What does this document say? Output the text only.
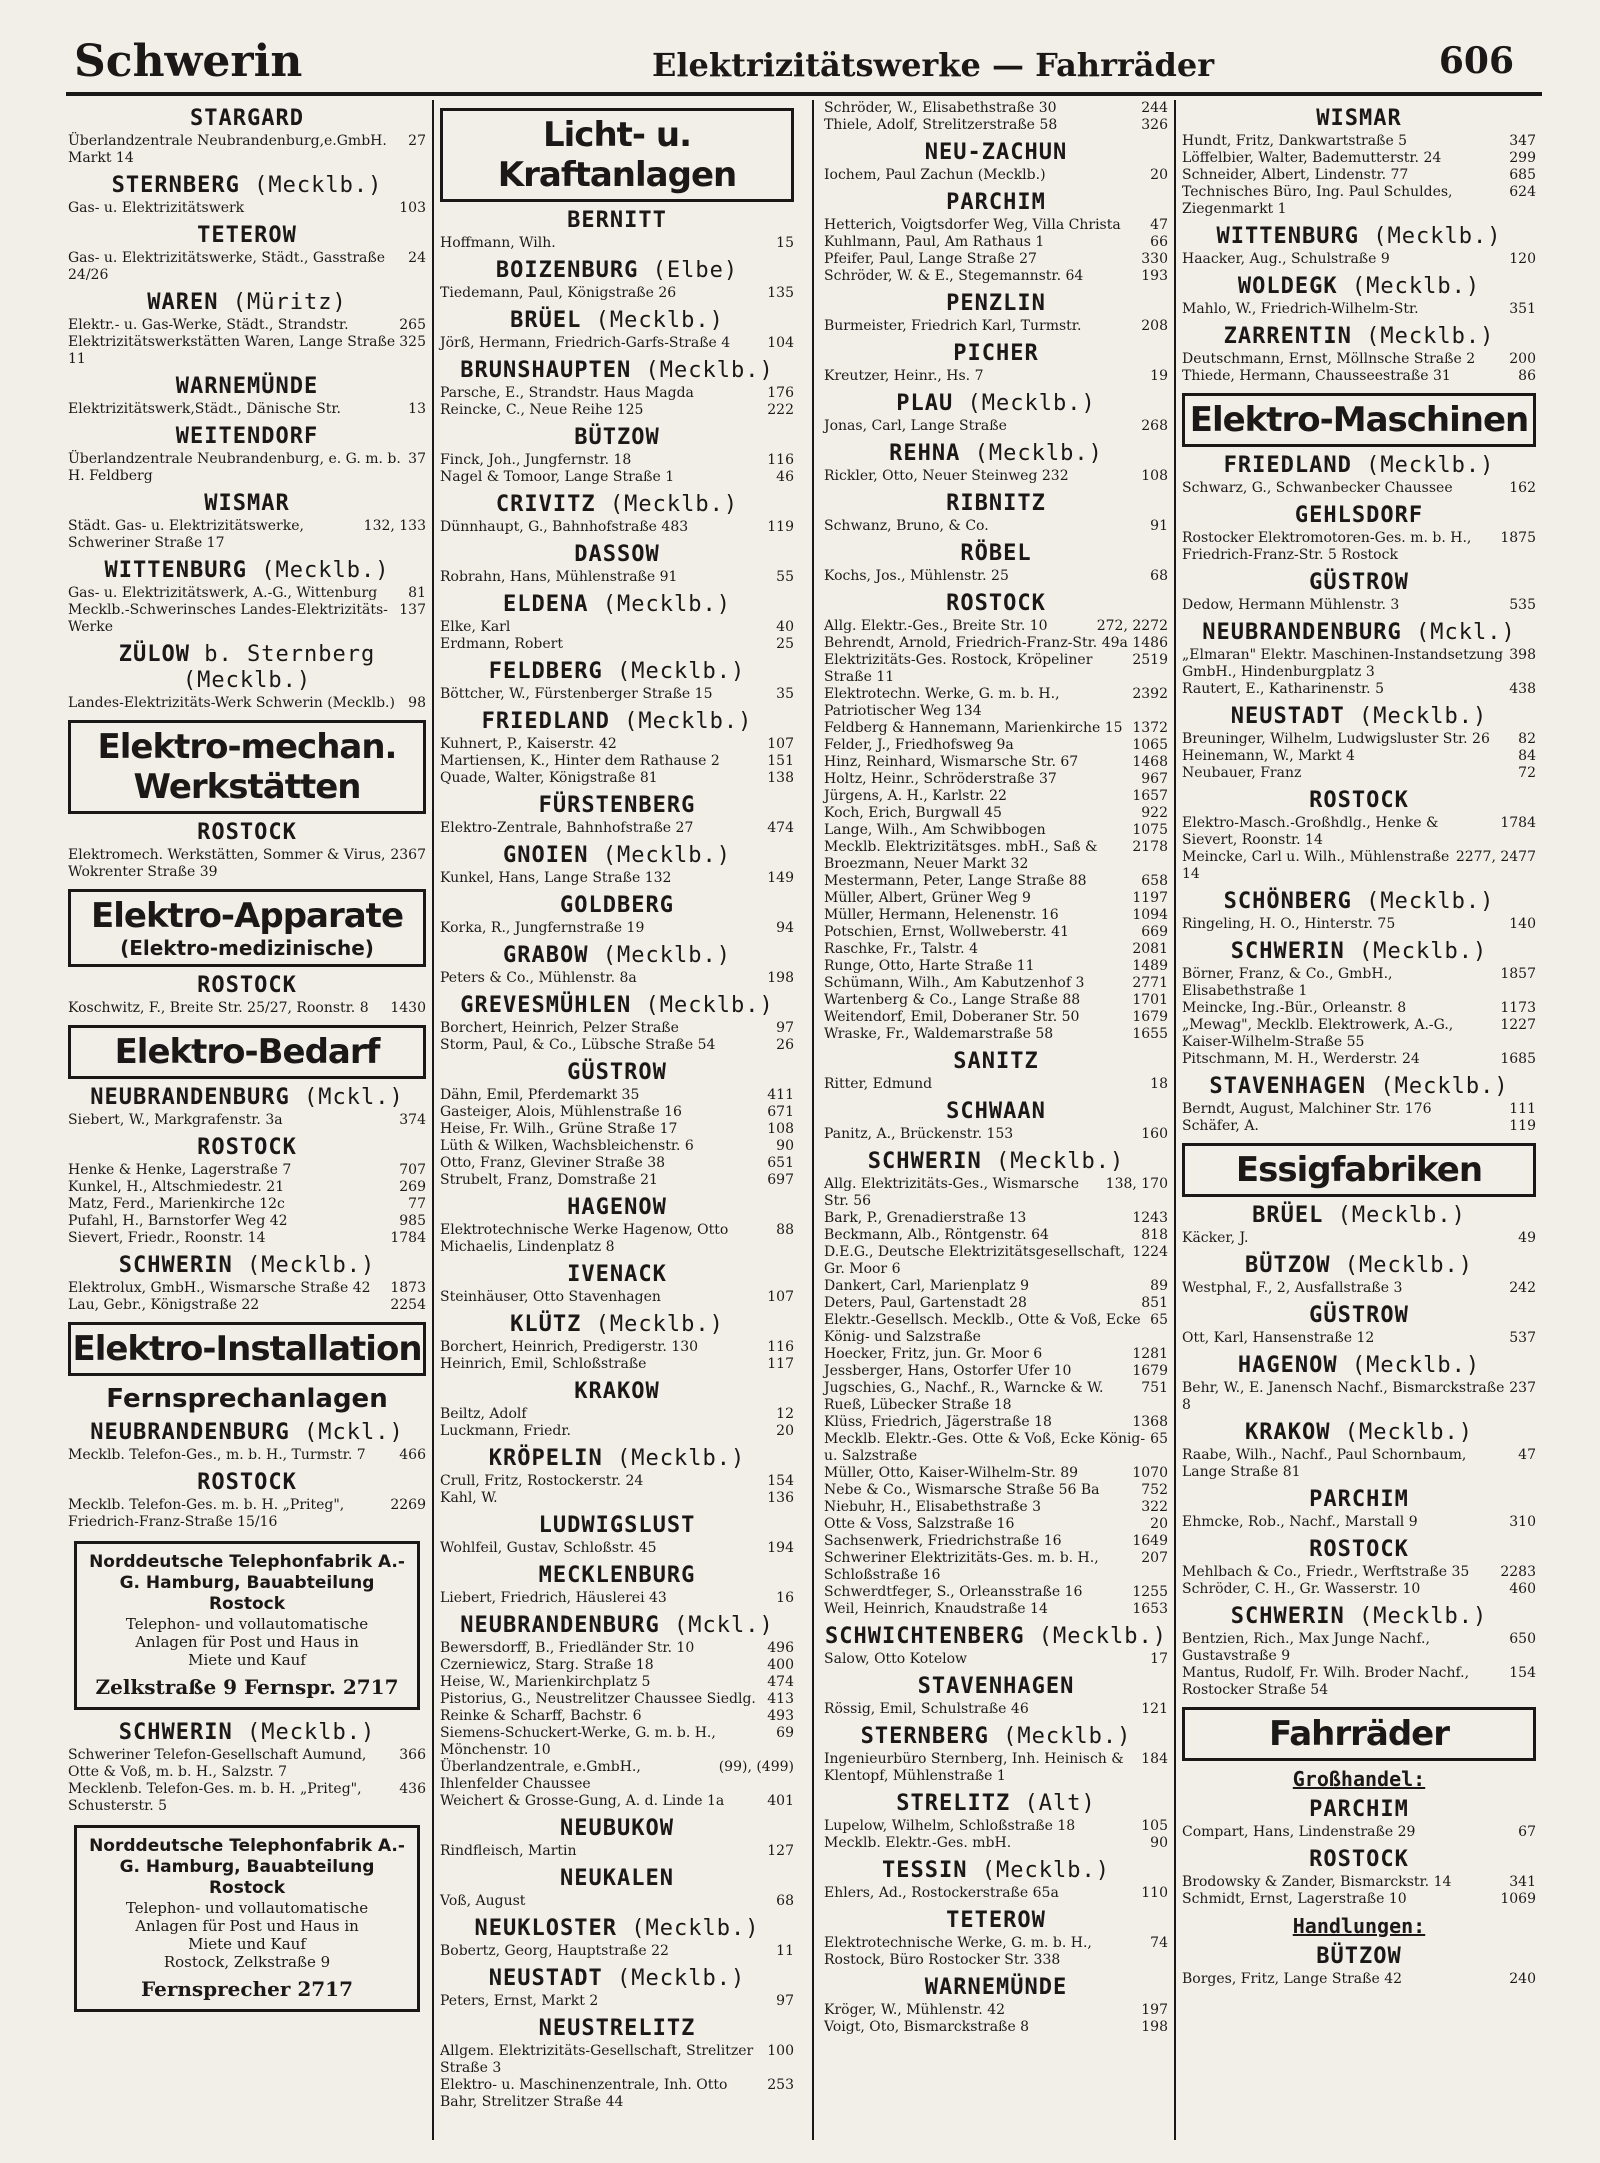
Schwerin	Elektrizitätswerke — Fahrräder	606
STARGARD
27
Überlandzentrale Neubrandenburg,e.GmbH. Markt 14
STERNBERG (Mecklb.)
103
Gas- u. Elektrizitätswerk
TETEROW
24
Gas- u. Elektrizitätswerke, Städt., Gasstraße 24/26
WAREN (Müritz)
265
Elektr.- u. Gas-Werke, Städt., Strandstr.
325
Elektrizitätswerkstätten Waren, Lange Straße 11
WARNEMÜNDE
13
Elektrizitätswerk,Städt., Dänische Str.
WEITENDORF
37
Überlandzentrale Neubrandenburg, e. G. m. b. H. Feldberg
WISMAR
132, 133
Städt. Gas- u. Elektrizitätswerke, Schweriner Straße 17
WITTENBURG (Mecklb.)
81
Gas- u. Elektrizitätswerk, A.-G., Wittenburg
137
Mecklb.-Schwerinsches Landes-Elektrizitäts-Werke
ZÜLOW b. Sternberg (Mecklb.)
98
Landes-Elektrizitäts-Werk Schwerin (Mecklb.)
Elektro-mechan. Werkstätten
ROSTOCK
2367
Elektromech. Werkstätten, Sommer & Virus, Wokrenter Straße 39
Elektro-Apparate
(Elektro-medizinische)
ROSTOCK
1430
Koschwitz, F., Breite Str. 25/27, Roonstr. 8
Elektro-Bedarf
NEUBRANDENBURG (Mckl.)
374
Siebert, W., Markgrafenstr. 3a
ROSTOCK
707
Henke & Henke, Lagerstraße 7
269
Kunkel, H., Altschmiedestr. 21
77
Matz, Ferd., Marienkirche 12c
985
Pufahl, H., Barnstorfer Weg 42
1784
Sievert, Friedr., Roonstr. 14
SCHWERIN (Mecklb.)
1873
Elektrolux, GmbH., Wismarsche Straße 42
2254
Lau, Gebr., Königstraße 22
Elektro-Installation
Fernsprechanlagen
NEUBRANDENBURG (Mckl.)
466
Mecklb. Telefon-Ges., m. b. H., Turmstr. 7
ROSTOCK
2269
Mecklb. Telefon-Ges. m. b. H. „Priteg", Friedrich-Franz-Straße 15/16
Norddeutsche Telephonfabrik A.-G. Hamburg, Bauabteilung Rostock
Telephon- und vollautomatische
Anlagen für Post und Haus in
Miete und Kauf
Zelkstraße 9 Fernspr. 2717
SCHWERIN (Mecklb.)
366
Schweriner Telefon-Gesellschaft Aumund, Otte & Voß, m. b. H., Salzstr. 7
436
Mecklenb. Telefon-Ges. m. b. H. „Priteg", Schusterstr. 5
Norddeutsche Telephonfabrik A.-G. Hamburg, Bauabteilung Rostock
Telephon- und vollautomatische
Anlagen für Post und Haus in
Miete und Kauf
Rostock, Zelkstraße 9
Fernsprecher 2717
Licht- u. Kraftanlagen
BERNITT
15
Hoffmann, Wilh.
BOIZENBURG (Elbe)
135
Tiedemann, Paul, Königstraße 26
BRÜEL (Mecklb.)
104
Jörß, Hermann, Friedrich-Garfs-Straße 4
BRUNSHAUPTEN (Mecklb.)
176
Parsche, E., Strandstr. Haus Magda
222
Reincke, C., Neue Reihe 125
BÜTZOW
116
Finck, Joh., Jungfernstr. 18
46
Nagel & Tomoor, Lange Straße 1
CRIVITZ (Mecklb.)
119
Dünnhaupt, G., Bahnhofstraße 483
DASSOW
55
Robrahn, Hans, Mühlenstraße 91
ELDENA (Mecklb.)
40
Elke, Karl
25
Erdmann, Robert
FELDBERG (Mecklb.)
35
Böttcher, W., Fürstenberger Straße 15
FRIEDLAND (Mecklb.)
107
Kuhnert, P., Kaiserstr. 42
151
Martiensen, K., Hinter dem Rathause 2
138
Quade, Walter, Königstraße 81
FÜRSTENBERG
474
Elektro-Zentrale, Bahnhofstraße 27
GNOIEN (Mecklb.)
149
Kunkel, Hans, Lange Straße 132
GOLDBERG
94
Korka, R., Jungfernstraße 19
GRABOW (Mecklb.)
198
Peters & Co., Mühlenstr. 8a
GREVESMÜHLEN (Mecklb.)
97
Borchert, Heinrich, Pelzer Straße
26
Storm, Paul, & Co., Lübsche Straße 54
GÜSTROW
411
Dähn, Emil, Pferdemarkt 35
671
Gasteiger, Alois, Mühlenstraße 16
108
Heise, Fr. Wilh., Grüne Straße 17
90
Lüth & Wilken, Wachsbleichenstr. 6
651
Otto, Franz, Gleviner Straße 38
697
Strubelt, Franz, Domstraße 21
HAGENOW
88
Elektrotechnische Werke Hagenow, Otto Michaelis, Lindenplatz 8
IVENACK
107
Steinhäuser, Otto Stavenhagen
KLÜTZ (Mecklb.)
116
Borchert, Heinrich, Predigerstr. 130
117
Heinrich, Emil, Schloßstraße
KRAKOW
12
Beiltz, Adolf
20
Luckmann, Friedr.
KRÖPELIN (Mecklb.)
154
Crull, Fritz, Rostockerstr. 24
136
Kahl, W.
LUDWIGSLUST
194
Wohlfeil, Gustav, Schloßstr. 45
MECKLENBURG
16
Liebert, Friedrich, Häuslerei 43
NEUBRANDENBURG (Mckl.)
496
Bewersdorff, B., Friedländer Str. 10
400
Czerniewicz, Starg. Straße 18
474
Heise, W., Marienkirchplatz 5
413
Pistorius, G., Neustrelitzer Chaussee Siedlg.
493
Reinke & Scharff, Bachstr. 6
69
Siemens-Schuckert-Werke, G. m. b. H., Mönchenstr. 10
(99), (499)
Überlandzentrale, e.GmbH., Ihlenfelder Chaussee
401
Weichert & Grosse-Gung, A. d. Linde 1a
NEUBUKOW
127
Rindfleisch, Martin
NEUKALEN
68
Voß, August
NEUKLOSTER (Mecklb.)
11
Bobertz, Georg, Hauptstraße 22
NEUSTADT (Mecklb.)
97
Peters, Ernst, Markt 2
NEUSTRELITZ
100
Allgem. Elektrizitäts-Gesellschaft, Strelitzer Straße 3
253
Elektro- u. Maschinenzentrale, Inh. Otto Bahr, Strelitzer Straße 44
244
Schröder, W., Elisabethstraße 30
326
Thiele, Adolf, Strelitzerstraße 58
NEU-ZACHUN
20
Iochem, Paul Zachun (Mecklb.)
PARCHIM
47
Hetterich, Voigtsdorfer Weg, Villa Christa
66
Kuhlmann, Paul, Am Rathaus 1
330
Pfeifer, Paul, Lange Straße 27
193
Schröder, W. & E., Stegemannstr. 64
PENZLIN
208
Burmeister, Friedrich Karl, Turmstr.
PICHER
19
Kreutzer, Heinr., Hs. 7
PLAU (Mecklb.)
268
Jonas, Carl, Lange Straße
REHNA (Mecklb.)
108
Rickler, Otto, Neuer Steinweg 232
RIBNITZ
91
Schwanz, Bruno, & Co.
RÖBEL
68
Kochs, Jos., Mühlenstr. 25
ROSTOCK
272, 2272
Allg. Elektr.-Ges., Breite Str. 10
1486
Behrendt, Arnold, Friedrich-Franz-Str. 49a
2519
Elektrizitäts-Ges. Rostock, Kröpeliner Straße 11
2392
Elektrotechn. Werke, G. m. b. H., Patriotischer Weg 134
1372
Feldberg & Hannemann, Marienkirche 15
1065
Felder, J., Friedhofsweg 9a
1468
Hinz, Reinhard, Wismarsche Str. 67
967
Holtz, Heinr., Schröderstraße 37
1657
Jürgens, A. H., Karlstr. 22
922
Koch, Erich, Burgwall 45
1075
Lange, Wilh., Am Schwibbogen
2178
Mecklb. Elektrizitätsges. mbH., Saß & Broezmann, Neuer Markt 32
658
Mestermann, Peter, Lange Straße 88
1197
Müller, Albert, Grüner Weg 9
1094
Müller, Hermann, Helenenstr. 16
669
Potschien, Ernst, Wollweberstr. 41
2081
Raschke, Fr., Talstr. 4
1489
Runge, Otto, Harte Straße 11
2771
Schümann, Wilh., Am Kabutzenhof 3
1701
Wartenberg & Co., Lange Straße 88
1679
Weitendorf, Emil, Doberaner Str. 50
1655
Wraske, Fr., Waldemarstraße 58
SANITZ
18
Ritter, Edmund
SCHWAAN
160
Panitz, A., Brückenstr. 153
SCHWERIN (Mecklb.)
138, 170
Allg. Elektrizitäts-Ges., Wismarsche Str. 56
1243
Bark, P., Grenadierstraße 13
818
Beckmann, Alb., Röntgenstr. 64
1224
D.E.G., Deutsche Elektrizitätsgesellschaft, Gr. Moor 6
89
Dankert, Carl, Marienplatz 9
851
Deters, Paul, Gartenstadt 28
65
Elektr.-Gesellsch. Mecklb., Otte & Voß, Ecke König- und Salzstraße
1281
Hoecker, Fritz, jun. Gr. Moor 6
1679
Jessberger, Hans, Ostorfer Ufer 10
751
Jugschies, G., Nachf., R., Warncke & W. Rueß, Lübecker Straße 18
1368
Klüss, Friedrich, Jägerstraße 18
65
Mecklb. Elektr.-Ges. Otte & Voß, Ecke König- u. Salzstraße
1070
Müller, Otto, Kaiser-Wilhelm-Str. 89
752
Nebe & Co., Wismarsche Straße 56 Ba
322
Niebuhr, H., Elisabethstraße 3
20
Otte & Voss, Salzstraße 16
1649
Sachsenwerk, Friedrichstraße 16
207
Schweriner Elektrizitäts-Ges. m. b. H., Schloßstraße 16
1255
Schwerdtfeger, S., Orleansstraße 16
1653
Weil, Heinrich, Knaudstraße 14
SCHWICHTENBERG (Mecklb.)
17
Salow, Otto Kotelow
STAVENHAGEN
121
Rössig, Emil, Schulstraße 46
STERNBERG (Mecklb.)
184
Ingenieurbüro Sternberg, Inh. Heinisch & Klentopf, Mühlenstraße 1
STRELITZ (Alt)
105
Lupelow, Wilhelm, Schloßstraße 18
90
Mecklb. Elektr.-Ges. mbH.
TESSIN (Mecklb.)
110
Ehlers, Ad., Rostockerstraße 65a
TETEROW
74
Elektrotechnische Werke, G. m. b. H., Rostock, Büro Rostocker Str. 338
WARNEMÜNDE
197
Kröger, W., Mühlenstr. 42
198
Voigt, Oto, Bismarckstraße 8
WISMAR
347
Hundt, Fritz, Dankwartstraße 5
299
Löffelbier, Walter, Bademutterstr. 24
685
Schneider, Albert, Lindenstr. 77
624
Technisches Büro, Ing. Paul Schuldes, Ziegenmarkt 1
WITTENBURG (Mecklb.)
120
Haacker, Aug., Schulstraße 9
WOLDEGK (Mecklb.)
351
Mahlo, W., Friedrich-Wilhelm-Str.
ZARRENTIN (Mecklb.)
200
Deutschmann, Ernst, Möllnsche Straße 2
86
Thiede, Hermann, Chausseestraße 31
Elektro-Maschinen
FRIEDLAND (Mecklb.)
162
Schwarz, G., Schwanbecker Chaussee
GEHLSDORF
1875
Rostocker Elektromotoren-Ges. m. b. H., Friedrich-Franz-Str. 5 Rostock
GÜSTROW
535
Dedow, Hermann Mühlenstr. 3
NEUBRANDENBURG (Mckl.)
398
„Elmaran" Elektr. Maschinen-Instandsetzung GmbH., Hindenburgplatz 3
438
Rautert, E., Katharinenstr. 5
NEUSTADT (Mecklb.)
82
Breuninger, Wilhelm, Ludwigsluster Str. 26
84
Heinemann, W., Markt 4
72
Neubauer, Franz
ROSTOCK
1784
Elektro-Masch.-Großhdlg., Henke & Sievert, Roonstr. 14
2277, 2477
Meincke, Carl u. Wilh., Mühlenstraße 14
SCHÖNBERG (Mecklb.)
140
Ringeling, H. O., Hinterstr. 75
SCHWERIN (Mecklb.)
1857
Börner, Franz, & Co., GmbH., Elisabethstraße 1
1173
Meincke, Ing.-Bür., Orleanstr. 8
1227
„Mewag", Mecklb. Elektrowerk, A.-G., Kaiser-Wilhelm-Straße 55
1685
Pitschmann, M. H., Werderstr. 24
STAVENHAGEN (Mecklb.)
111
Berndt, August, Malchiner Str. 176
119
Schäfer, A.
Essigfabriken
BRÜEL (Mecklb.)
49
Käcker, J.
BÜTZOW (Mecklb.)
242
Westphal, F., 2, Ausfallstraße 3
GÜSTROW
537
Ott, Karl, Hansenstraße 12
HAGENOW (Mecklb.)
237
Behr, W., E. Janensch Nachf., Bismarckstraße 8
KRAKOW (Mecklb.)
47
Raabe, Wilh., Nachf., Paul Schornbaum, Lange Straße 81
PARCHIM
310
Ehmcke, Rob., Nachf., Marstall 9
ROSTOCK
2283
Mehlbach & Co., Friedr., Werftstraße 35
460
Schröder, C. H., Gr. Wasserstr. 10
SCHWERIN (Mecklb.)
650
Bentzien, Rich., Max Junge Nachf., Gustavstraße 9
154
Mantus, Rudolf, Fr. Wilh. Broder Nachf., Rostocker Straße 54
Fahrräder
Großhandel:
PARCHIM
67
Compart, Hans, Lindenstraße 29
ROSTOCK
341
Brodowsky & Zander, Bismarckstr. 14
1069
Schmidt, Ernst, Lagerstraße 10
Handlungen:
BÜTZOW
240
Borges, Fritz, Lange Straße 42
